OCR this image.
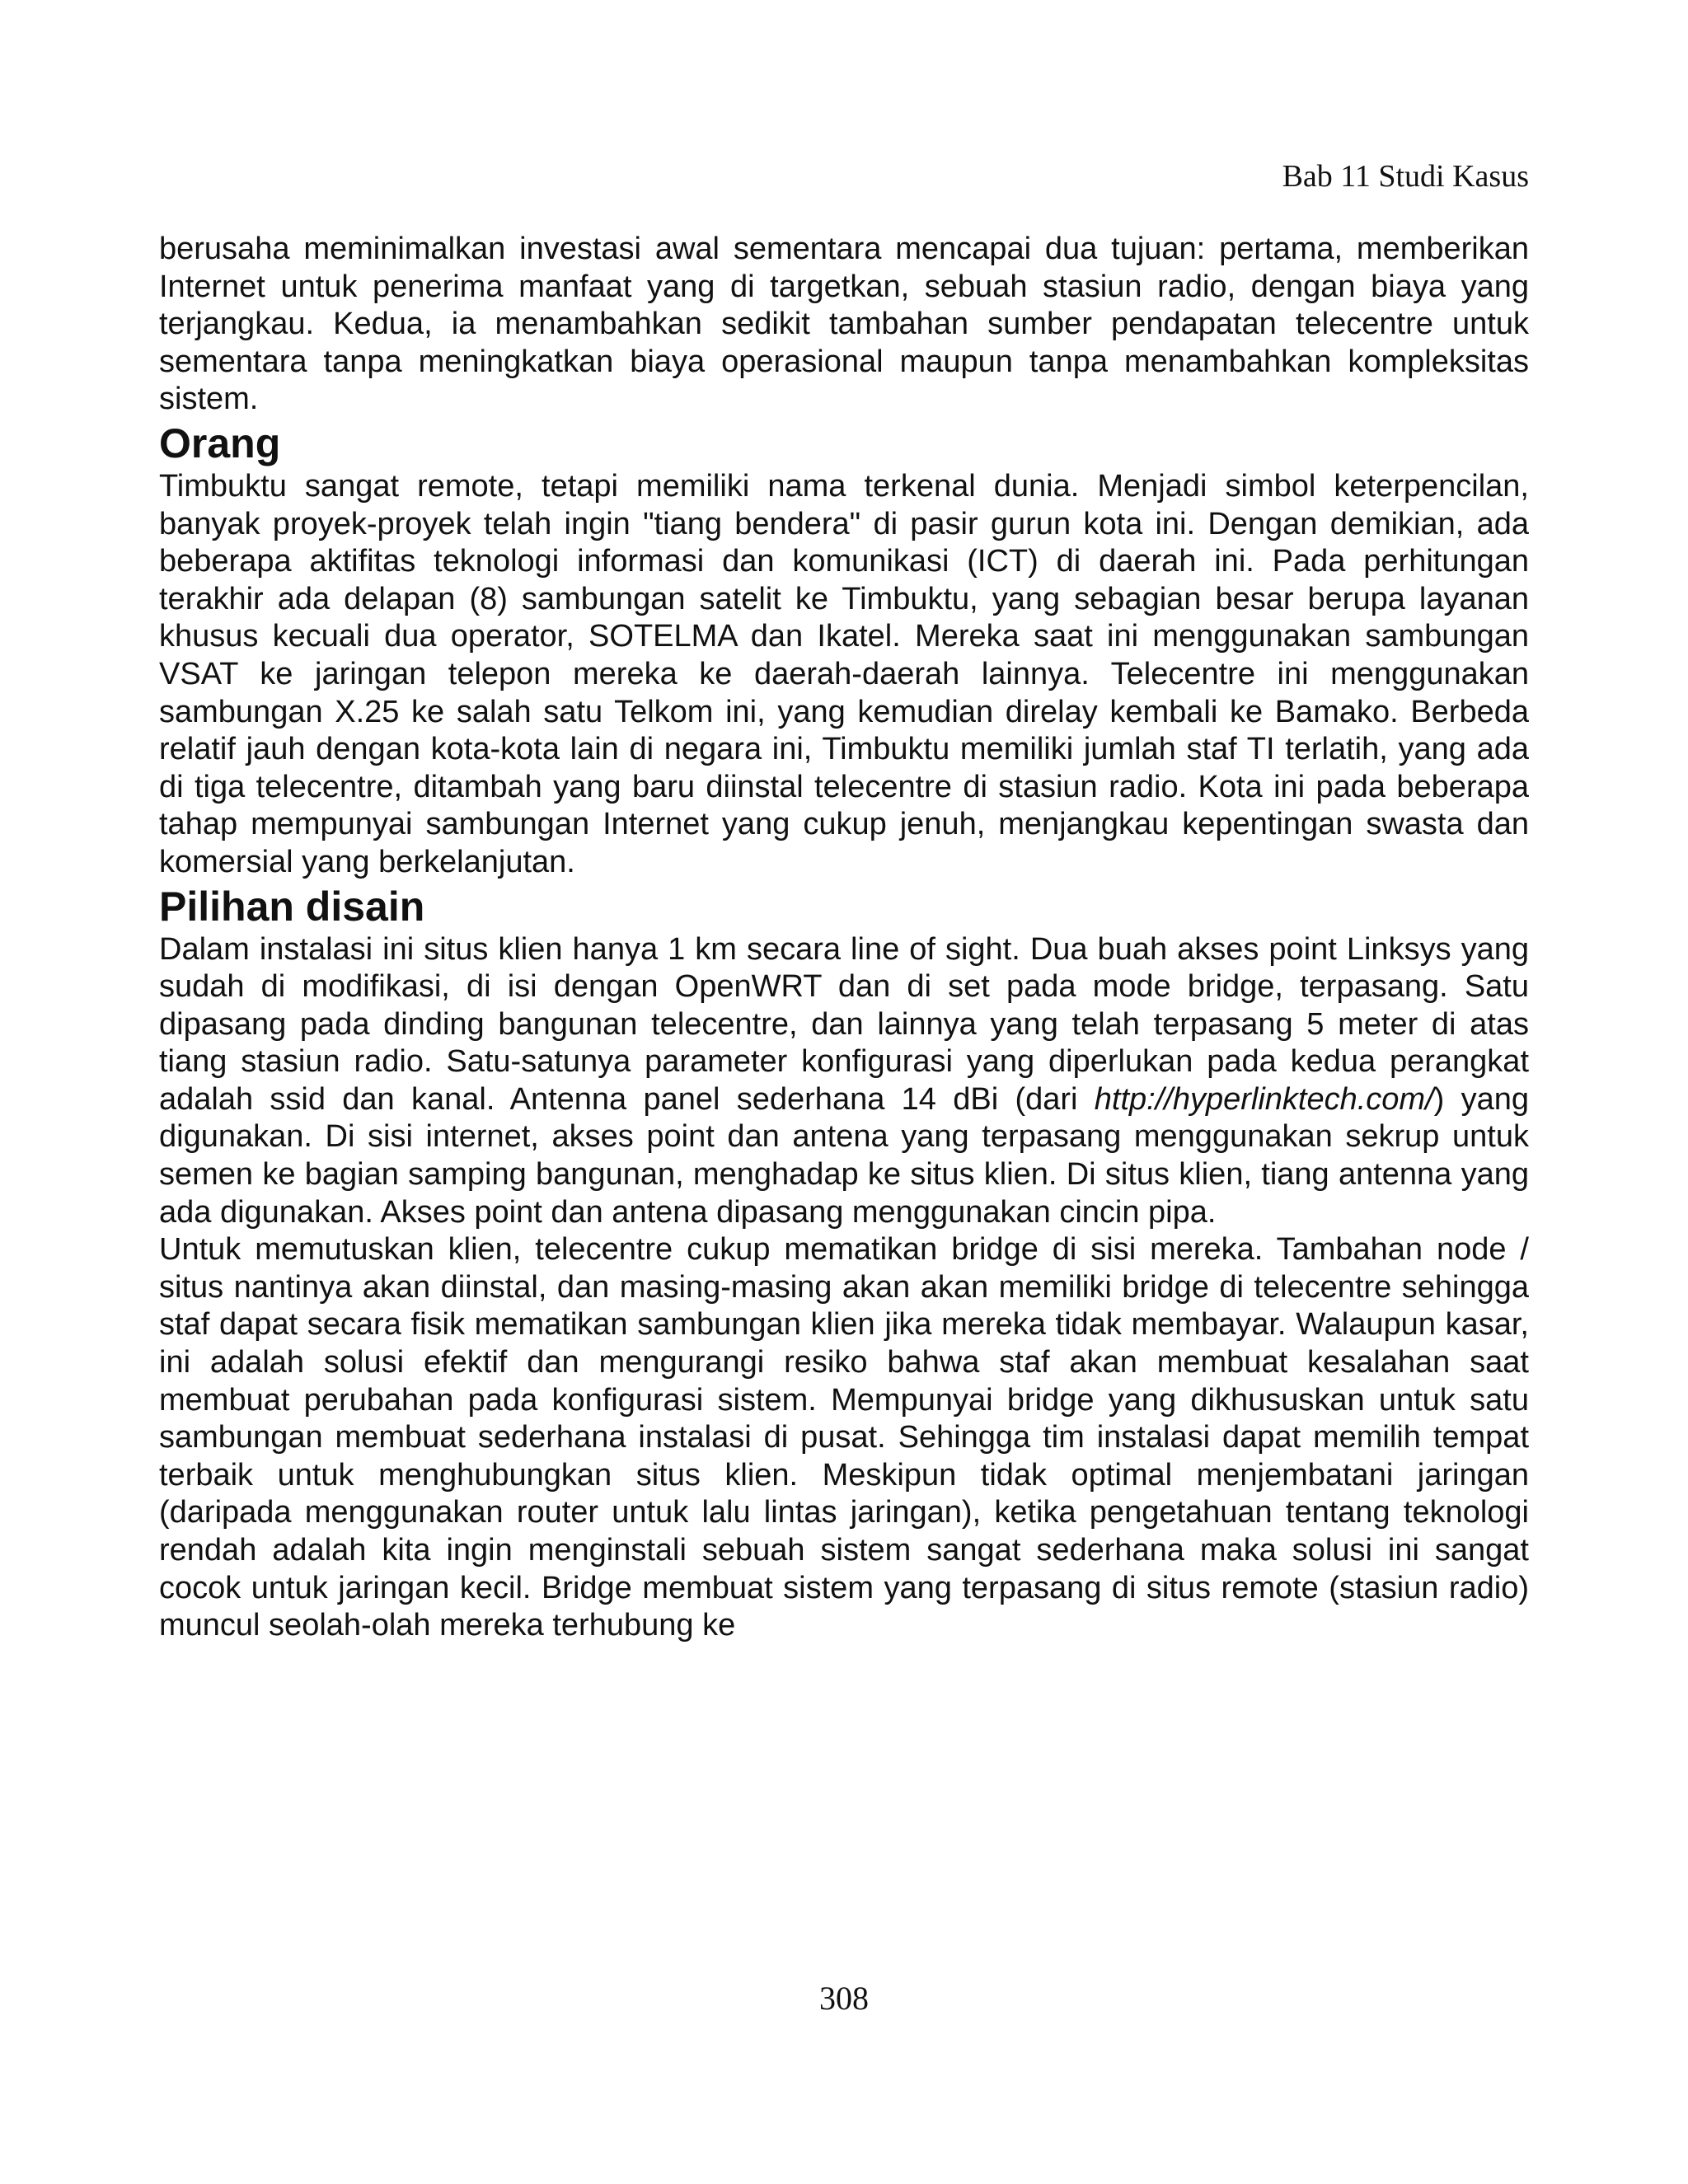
Bab 11 Studi Kasus

berusaha meminimalkan investasi awal sementara mencapai dua tujuan: pertama, memberikan Internet untuk penerima manfaat yang di targetkan, sebuah stasiun radio, dengan biaya yang terjangkau. Kedua, ia menambahkan sedikit tambahan sumber pendapatan telecentre untuk sementara tanpa meningkatkan biaya operasional maupun tanpa menambahkan kompleksitas sistem.

Orang

Timbuktu sangat remote, tetapi memiliki nama terkenal dunia. Menjadi simbol keterpencilan, banyak proyek-proyek telah ingin "tiang bendera" di pasir gurun kota ini. Dengan demikian, ada beberapa aktifitas teknologi informasi dan komunikasi (ICT) di daerah ini. Pada perhitungan terakhir ada delapan (8) sambungan satelit ke Timbuktu, yang sebagian besar berupa layanan khusus kecuali dua operator, SOTELMA dan Ikatel. Mereka saat ini menggunakan sambungan VSAT ke jaringan telepon mereka ke daerah-daerah lainnya. Telecentre ini menggunakan sambungan X.25 ke salah satu Telkom ini, yang kemudian direlay kembali ke Bamako. Berbeda relatif jauh dengan kota-kota lain di negara ini, Timbuktu memiliki jumlah staf TI terlatih, yang ada di tiga telecentre, ditambah yang baru diinstal telecentre di stasiun radio. Kota ini pada beberapa tahap mempunyai sambungan Internet yang cukup jenuh, menjangkau kepentingan swasta dan komersial yang berkelanjutan.

Pilihan disain

Dalam instalasi ini situs klien hanya 1 km secara line of sight. Dua buah akses point Linksys yang sudah di modifikasi, di isi dengan OpenWRT dan di set pada mode bridge, terpasang. Satu dipasang pada dinding bangunan telecentre, dan lainnya yang telah terpasang 5 meter di atas tiang stasiun radio. Satu-satunya parameter konfigurasi yang diperlukan pada kedua perangkat adalah ssid dan kanal. Antenna panel sederhana 14 dBi (dari http://hyperlinktech.com/) yang digunakan. Di sisi internet, akses point dan antena yang terpasang menggunakan sekrup untuk semen ke bagian samping bangunan, menghadap ke situs klien. Di situs klien, tiang antenna yang ada digunakan. Akses point dan antena dipasang menggunakan cincin pipa.

Untuk memutuskan klien, telecentre cukup mematikan bridge di sisi mereka. Tambahan node / situs nantinya akan diinstal, dan masing-masing akan akan memiliki bridge di telecentre sehingga staf dapat secara fisik mematikan sambungan klien jika mereka tidak membayar. Walaupun kasar, ini adalah solusi efektif dan mengurangi resiko bahwa staf akan membuat kesalahan saat membuat perubahan pada konfigurasi sistem. Mempunyai bridge yang dikhususkan untuk satu sambungan membuat sederhana instalasi di pusat. Sehingga tim instalasi dapat memilih tempat terbaik untuk menghubungkan situs klien. Meskipun tidak optimal menjembatani jaringan (daripada menggunakan router untuk lalu lintas jaringan), ketika pengetahuan tentang teknologi rendah adalah kita ingin menginstali sebuah sistem sangat sederhana maka solusi ini sangat cocok untuk jaringan kecil. Bridge membuat sistem yang terpasang di situs remote (stasiun radio) muncul seolah-olah mereka terhubung ke

308
